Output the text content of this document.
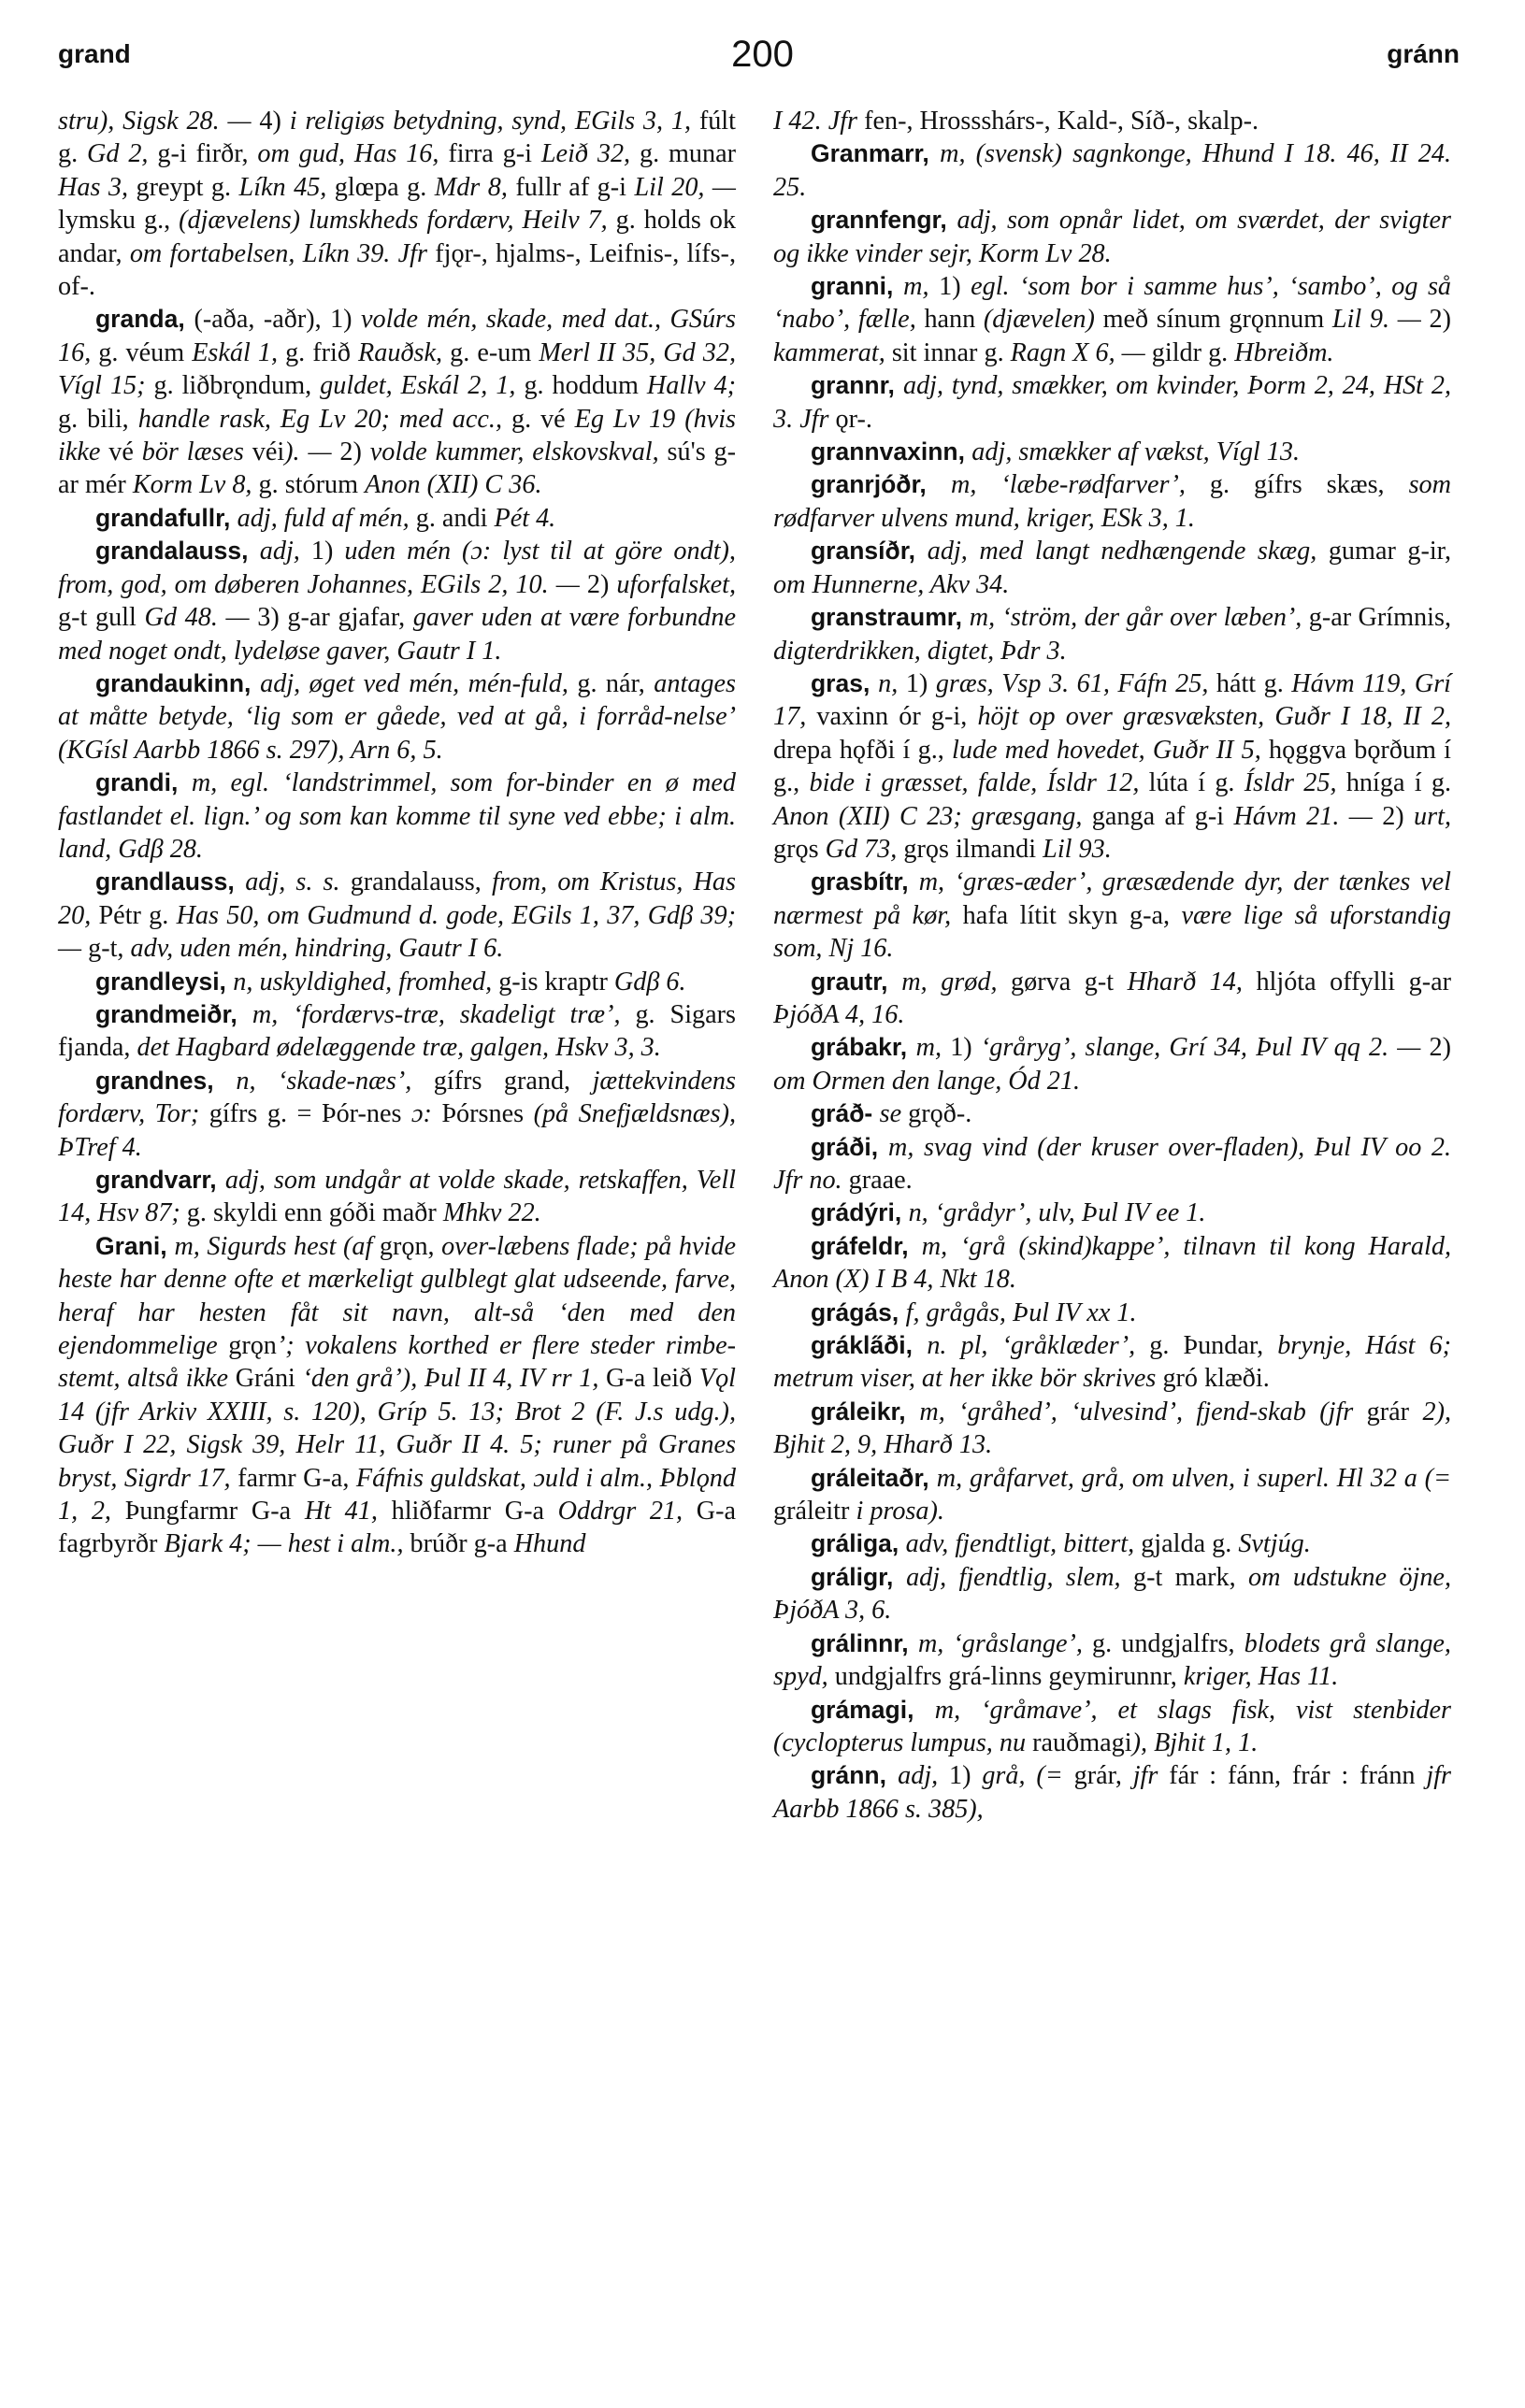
grand	200	gránn

stru), Sigsk 28. — 4) i religiøs betydning, synd, EGils 3, 1, fúlt g. Gd 2, g-i firðr, om gud, Has 16, firra g-i Leið 32, g. munar Has 3, greypt g. Líkn 45, glœpa g. Mdr 8, fullr af g-i Lil 20, — lymsku g., (djævelens) lumskheds fordærv, Heilv 7, g. holds ok andar, om fortabelsen, Líkn 39. Jfr fjǫr-, hjalms-, Leifnis-, lífs-, of-.

granda, (-aða, -aðr), 1) volde mén, skade, med dat., GSúrs 16, g. véum Eskál 1, g. frið Rauðsk, g. e-um Merl II 35, Gd 32, Vígl 15; g. liðbrǫndum, guldet, Eskál 2, 1, g. hoddum Hallv 4; g. bili, handle rask, Eg Lv 20; med acc., g. vé Eg Lv 19 (hvis ikke vé bör læses véi). — 2) volde kummer, elskovskval, sú's g-ar mér Korm Lv 8, g. stórum Anon (XII) C 36.

grandafullr, adj, fuld af mén, g. andi Pét 4.

grandalauss, adj, 1) uden mén (ɔ: lyst til at göre ondt), from, god, om døberen Johannes, EGils 2, 10. — 2) uforfalsket, g-t gull Gd 48. — 3) g-ar gjafar, gaver uden at være forbundne med noget ondt, lydeløse gaver, Gautr I 1.

grandaukinn, adj, øget ved mén, mén-fuld, g. nár, antages at måtte betyde, ‘lig som er gåede, ved at gå, i forråd-nelse’ (KGísl Aarbb 1866 s. 297), Arn 6, 5.

grandi, m, egl. ‘landstrimmel, som for-binder en ø med fastlandet el. lign.’ og som kan komme til syne ved ebbe; i alm. land, Gdβ 28.

grandlauss, adj, s. s. grandalauss, from, om Kristus, Has 20, Pétr g. Has 50, om Gudmund d. gode, EGils 1, 37, Gdβ 39; — g-t, adv, uden mén, hindring, Gautr I 6.

grandleysi, n, uskyldighed, fromhed, g-is kraptr Gdβ 6.

grandmeiðr, m, ‘fordærvs-træ, skadeligt træ’, g. Sigars fjanda, det Hagbard ødelæggende træ, galgen, Hskv 3, 3.

grandnes, n, ‘skade-næs’, gífrs grand, jættekvindens fordærv, Tor; gífrs g. = Þór-nes ɔ: Þórsnes (på Snefjældsnæs), ÞTref 4.

grandvarr, adj, som undgår at volde skade, retskaffen, Vell 14, Hsv 87; g. skyldi enn góði maðr Mhkv 22.

Grani, m, Sigurds hest (af grǫn, over-læbens flade; på hvide heste har denne ofte et mærkeligt gulblegt glat udseende, farve, heraf har hesten fåt sit navn, alt-så ‘den med den ejendommelige grǫn’; vokalens korthed er flere steder rimbe-stemt, altså ikke Gráni ‘den grå’), Þul II 4, IV rr 1, G-a leið Vǫl 14 (jfr Arkiv XXIII, s. 120), Gríp 5. 13; Brot 2 (F. J.s udg.), Guðr I 22, Sigsk 39, Helr 11, Guðr II 4. 5; runer på Granes bryst, Sigrdr 17, farmr G-a, Fáfnis guldskat, ɔuld i alm., Þblǫnd 1, 2, Þungfarmr G-a Ht 41, hliðfarmr G-a Oddrgr 21, G-a fagrbyrðr Bjark 4; — hest i alm., brúðr g-a Hhund

I 42. Jfr fen-, Hrossshárs-, Kald-, Síð-, skalp-.

Granmarr, m, (svensk) sagnkonge, Hhund I 18. 46, II 24. 25.

grannfengr, adj, som opnår lidet, om sværdet, der svigter og ikke vinder sejr, Korm Lv 28.

granni, m, 1) egl. ‘som bor i samme hus’, ‘sambo’, og så ‘nabo’, fælle, hann (djævelen) með sínum grǫnnum Lil 9. — 2) kammerat, sit innar g. Ragn X 6, — gildr g. Hbreiðm.

grannr, adj, tynd, smækker, om kvinder, Þorm 2, 24, HSt 2, 3. Jfr ǫr-.

grannvaxinn, adj, smækker af vækst, Vígl 13.

granrjóðr, m, ‘læbe-rødfarver’, g. gífrs skæs, som rødfarver ulvens mund, kriger, ESk 3, 1.

gransíðr, adj, med langt nedhængende skæg, gumar g-ir, om Hunnerne, Akv 34.

granstraumr, m, ‘ström, der går over læben’, g-ar Grímnis, digterdrikken, digtet, Þdr 3.

gras, n, 1) græs, Vsp 3. 61, Fáfn 25, hátt g. Hávm 119, Grí 17, vaxinn ór g-i, höjt op over græsvæksten, Guðr I 18, II 2, drepa hǫfði í g., lude med hovedet, Guðr II 5, hǫggva bǫrðum í g., bide i græsset, falde, Ísldr 12, lúta í g. Ísldr 25, hníga í g. Anon (XII) C 23; græsgang, ganga af g-i Hávm 21. — 2) urt, grǫs Gd 73, grǫs ilmandi Lil 93.

grasbítr, m, ‘græs-æder’, græsædende dyr, der tænkes vel nærmest på kør, hafa lítit skyn g-a, være lige så uforstandig som, Nj 16.

grautr, m, grød, gørva g-t Hharð 14, hljóta offylli g-ar ÞjóðA 4, 16.

grábakr, m, 1) ‘gråryg’, slange, Grí 34, Þul IV qq 2. — 2) om Ormen den lange, Ód 21.

gráð- se grǫð-.

gráði, m, svag vind (der kruser over-fladen), Þul IV oo 2. Jfr no. graae.

grádýri, n, ‘grådyr’, ulv, Þul IV ee 1.

gráfeldr, m, ‘grå (skind)kappe’, tilnavn til kong Harald, Anon (X) I B 4, Nkt 18.

grágás, f, grågås, Þul IV xx 1.

grákla̋ði, n. pl, ‘gråklæder’, g. Þundar, brynje, Hást 6; metrum viser, at her ikke bör skrives gró klæði.

gráleikr, m, ‘gråhed’, ‘ulvesind’, fjend-skab (jfr grár 2), Bjhit 2, 9, Hharð 13.

gráleitaðr, m, gråfarvet, grå, om ulven, i superl. Hl 32 a (= gráleitr i prosa).

gráliga, adv, fjendtligt, bittert, gjalda g. Svtjúg.

gráligr, adj, fjendtlig, slem, g-t mark, om udstukne öjne, ÞjóðA 3, 6.

grálinnr, m, ‘gråslange’, g. undgjalfrs, blodets grå slange, spyd, undgjalfrs grá-linns geymirunnr, kriger, Has 11.

grámagi, m, ‘gråmave’, et slags fisk, vist stenbider (cyclopterus lumpus, nu rauðmagi), Bjhit 1, 1.

gránn, adj, 1) grå, (= grár, jfr fár : fánn, frár : fránn jfr Aarbb 1866 s. 385),
